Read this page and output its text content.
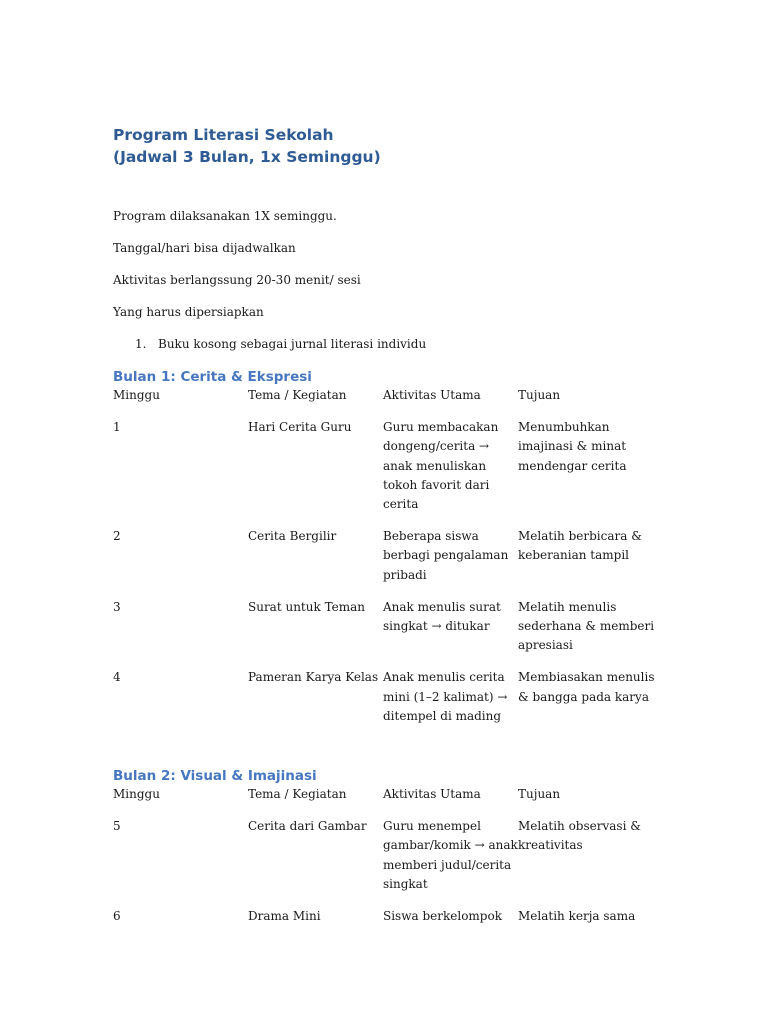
Program Literasi Sekolah
(Jadwal 3 Bulan, 1x Seminggu)

Program dilaksanakan 1X seminggu.

Tanggal/hari bisa dijadwalkan

Aktivitas berlangssung 20-30 menit/ sesi

Yang harus dipersiapkan

1. Buku kosong sebagai jurnal literasi individu
Bulan 1: Cerita & Ekspresi
Minggu	Tema / Kegiatan	Aktivitas Utama	Tujuan
1	Hari Cerita Guru	Guru membacakan dongeng/cerita → anak menuliskan tokoh favorit dari cerita	Menumbuhkan imajinasi & minat mendengar cerita
2	Cerita Bergilir	Beberapa siswa berbagi pengalaman pribadi	Melatih berbicara & keberanian tampil
3	Surat untuk Teman	Anak menulis surat singkat → ditukar	Melatih menulis sederhana & memberi apresiasi
4	Pameran Karya Kelas	Anak menulis cerita mini (1–2 kalimat) → ditempel di mading	Membiasakan menulis & bangga pada karya
Bulan 2: Visual & Imajinasi
Minggu	Tema / Kegiatan	Aktivitas Utama	Tujuan
5	Cerita dari Gambar	Guru menempel gambar/komik → anak memberi judul/cerita singkat	Melatih observasi & kreativitas
6	Drama Mini	Siswa berkelompok	Melatih kerja sama
